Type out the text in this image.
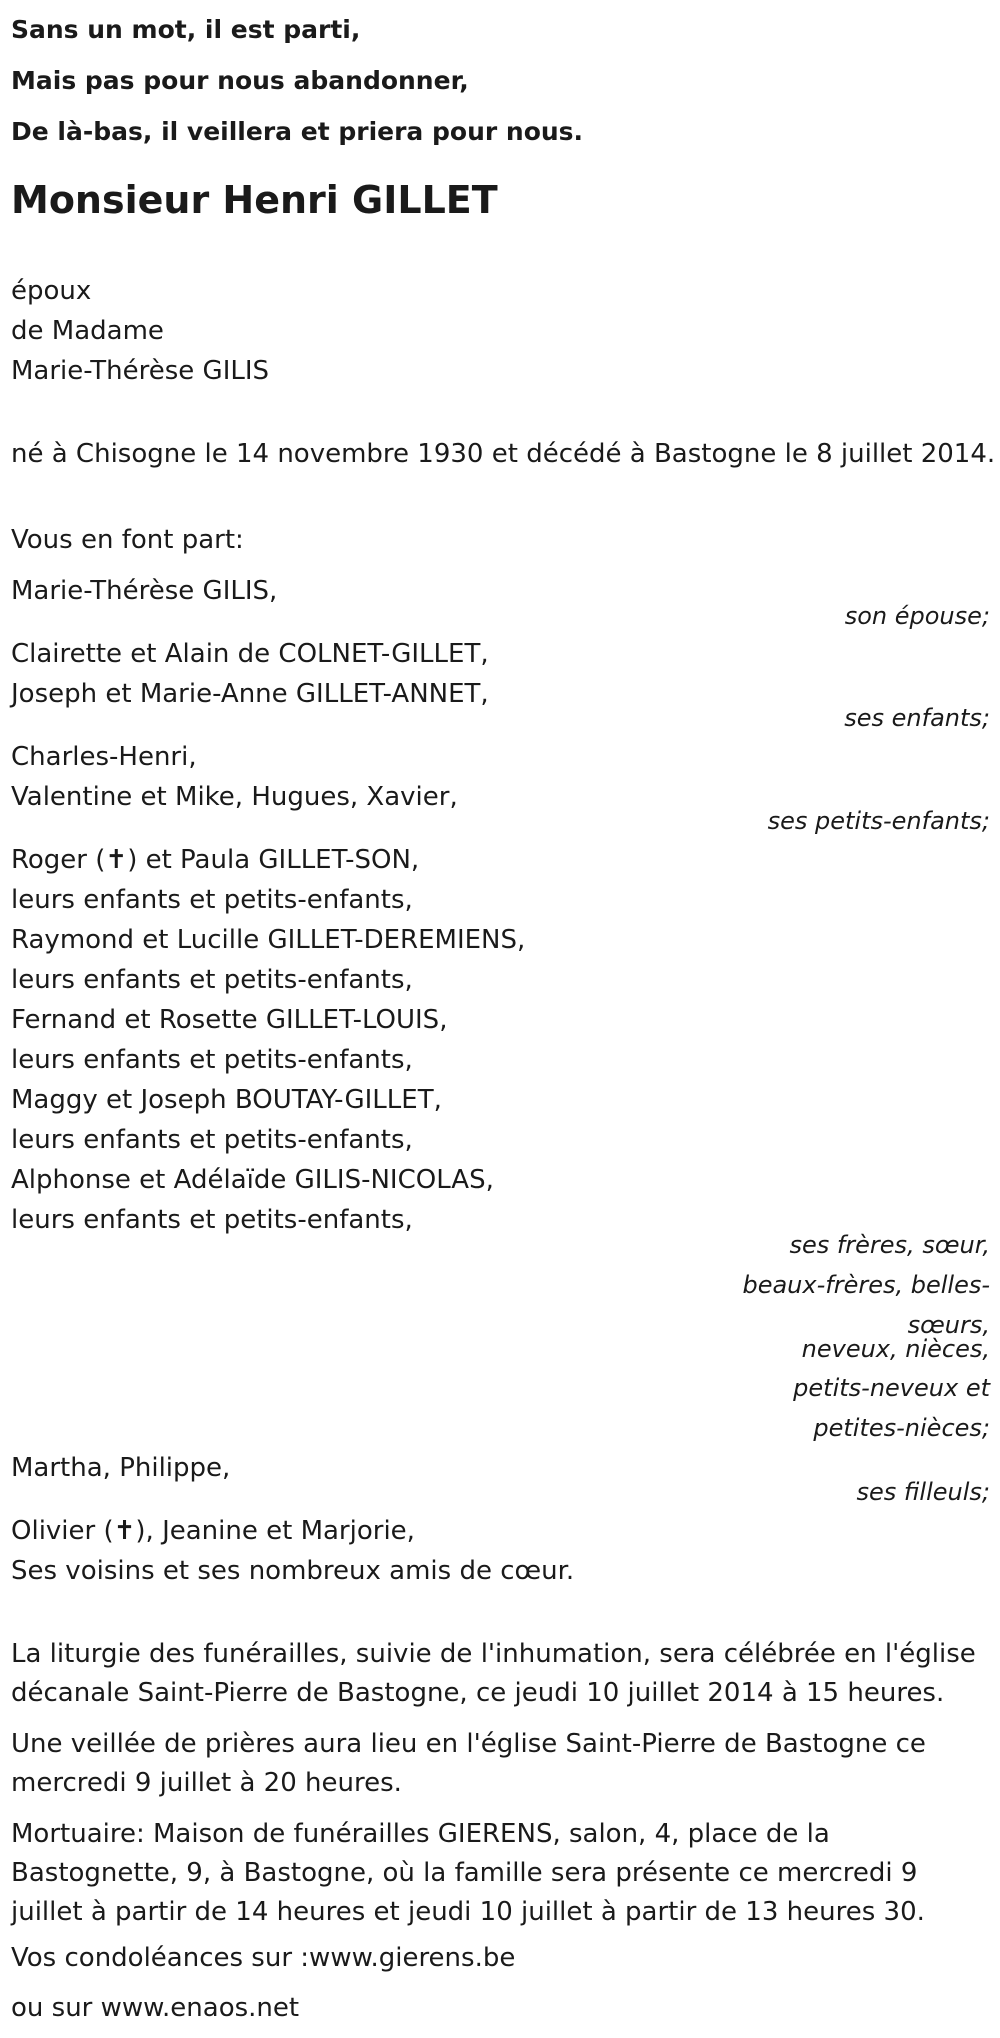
Sans un mot, il est parti,
Mais pas pour nous abandonner,
De là-bas, il veillera et priera pour nous.
Monsieur Henri GILLET
époux
de Madame
Marie-Thérèse GILIS
né à Chisogne le 14 novembre 1930 et décédé à Bastogne le 8 juillet 2014.
Vous en font part:
Marie-Thérèse GILIS,
son épouse;
Clairette et Alain de COLNET-GILLET,
Joseph et Marie-Anne GILLET-ANNET,
ses enfants;
Charles-Henri,
Valentine et Mike, Hugues, Xavier,
ses petits-enfants;
Roger (✝) et Paula GILLET-SON,
leurs enfants et petits-enfants,
Raymond et Lucille GILLET-DEREMIENS,
leurs enfants et petits-enfants,
Fernand et Rosette GILLET-LOUIS,
leurs enfants et petits-enfants,
Maggy et Joseph BOUTAY-GILLET,
leurs enfants et petits-enfants,
Alphonse et Adélaïde GILIS-NICOLAS,
leurs enfants et petits-enfants,
ses frères, sœur,
beaux-frères, belles-
sœurs,
neveux, nièces,
petits-neveux et
petites-nièces;
Martha, Philippe,
ses filleuls;
Olivier (✝), Jeanine et Marjorie,
Ses voisins et ses nombreux amis de cœur.
La liturgie des funérailles, suivie de l'inhumation, sera célébrée en l'église décanale Saint-Pierre de Bastogne, ce jeudi 10 juillet 2014 à 15 heures.
Une veillée de prières aura lieu en l'église Saint-Pierre de Bastogne ce mercredi 9 juillet à 20 heures.
Mortuaire: Maison de funérailles GIERENS, salon, 4, place de la Bastognette, 9, à Bastogne, où la famille sera présente ce mercredi 9 juillet à partir de 14 heures et jeudi 10 juillet à partir de 13 heures 30.
Vos condoléances sur :www.gierens.be
ou sur www.enaos.net
